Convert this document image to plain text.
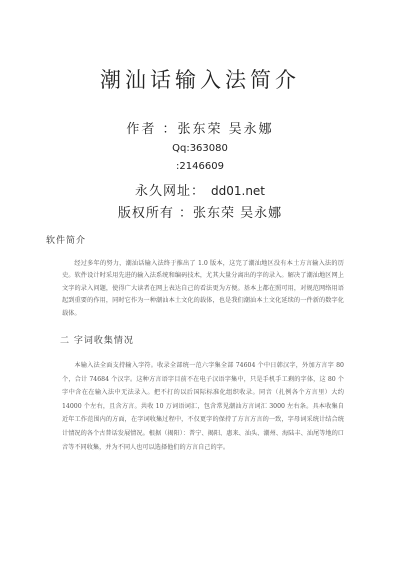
潮汕话输入法简介
作者 ：张东荣 吴永娜
Qq:363080
:2146609
永久网址： dd01.net
版权所有 ：张东荣 吴永娜
软件简介

经过多年的努力，潮汕话输入法终于推出了 1.0 版本，这完了潮汕地区没有本土方言输入法的历史。软件设计时采用先进的输入法系统和编码技术，尤其大量分离出的字的录入。解决了潮汕地区网上文字的录入问题，使得广大读者在网上表达自己的看法更为方便。基本上都在照可用，对规范网络用语起到重要的作用，同时它作为一种潮汕本土文化的载体，也是我们潮汕本土文化延续的一件新的数字化载体。

二 字词收集情况

本输入法全面支持输入字符。收录全部统一范六字集全部 74604 个中日韩汉字，外加方言字 80 个，合计 74684 个汉字。这种方言语字目前不在电子汉语字集中，只是手机手工剩的字体，这 80 个字中含在在输入法中无法录入。把不打的以后国际标准化组织收录。同音（扎例各个方言里）大约 14000 个左右，且含方言。共收 10 万词语词汇，包含常见潮汕方言词汇 3000 左右条。具本收集自近年工作范围内的方面，在字词收集过程中，不仅更字的保持了方言方言的一致，字母词采统计结合统计情况的各个古普话发展情况。根据（揭阳）：普宁、揭阳、惠来、汕头、潮州、海陆丰、汕尾等地的口音等不同收集，并为不同人也可以选择他们的方言自己的字。
